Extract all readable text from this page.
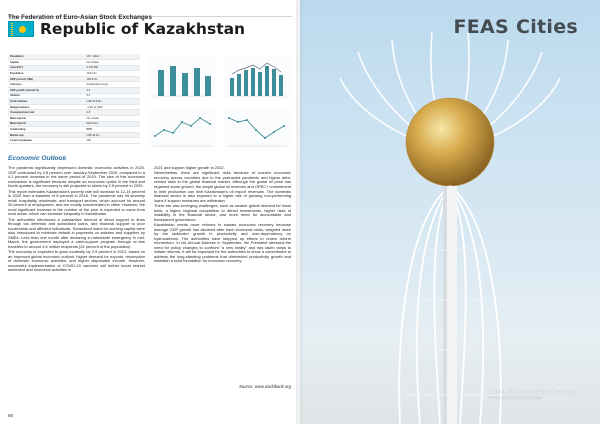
The Federation of Euro-Asian Stock Exchanges
Republic of Kazakhstan
Population	18.7 million
Capital	Nur-Sultan
Area (km²)	2,724,900
Population	18.8 mln
GDP (current US$)	169.8 bln
Currency	Kazakhstani tenge
GDP growth (annual %)	4.5
Inflation	5.4
Trade balance	US$ 25.8 bln
Budget balance	-1.9% of GDP
Unemployment rate	4.8
Main exports	Oil, metals
Main imports	Machinery
Credit rating	BBB-
Market cap	US$ 48 bln
Listed companies	120
Economic Outlook

The pandemic significantly depressed domestic economic activities in 2020. GDP contracted by 2.8 percent over January-September 2020, compared to a 4.1 percent increase in the same period of 2019. The size of this economic contraction is significant because despite an economic uptick in the third and fourth quarters, the economy is still projected to shrink by 2.5 percent in 2020.

This report estimates Kazakhstan's poverty rate will increase to 12-14 percent in 2020 from a baseline of 8 percent in 2018. The pandemic has hit severely retail, hospitality, wholesale, and transport sectors, which account for around 30 percent of employment, and are mostly concentrated in cities. However, the most significant increase in the number of the poor is expected to come from rural areas, which can increase inequality in Kazakhstan.

The authorities introduced a substantive amount of direct support to firms through tax deferrals and subsidized loans, and financial support to poor households and affected individuals. Subsidized loans for working capital were also introduced to minimize default in payments on salaries and suppliers by SMEs. Less than one month after declaring a nationwide emergency in mid-March, the government deployed a cash-support program through on-line transfers to around 4.6 million recipients (24 percent of the population).

The economy is expected to grow modestly by 2.5 percent in 2021, based on an improved global economic outlook, higher demand for exports, resumption of domestic economic activities, and higher disposable income. However, successful implementation of COVID-19 vaccines will further boost market sentiment and economic activities in

2021 and support higher growth in 2022.

Nevertheless, there are significant risks because of uneven economic recovery across countries due to the protracted pandemic and higher debt-related risks to the global financial market. Although the global oil price has regained some ground, the ample global oil reserves and OPEC+ commitment to limit production can limit Kazakhstan's oil export revenues. The domestic financial sector is also exposed to a higher risk of growing non-performing loans if support measures are withdrawn.

There are also emerging challenges, such as weaker global demand for fossil fuels, a higher regional competition to attract investments, higher risks of instability in the financial sector, and more need for accountable and transparent governance.

Kazakhstan needs more reforms to sustain economic recovery because average GDP growth has declined after each economic crisis, weighed down by the lackluster growth in productivity and over-dependency on hydrocarbons. The authorities have stepped up efforts to renew reform momentum. In his Annual Address in September, the President stressed the need for policy changes to confront "a new reality" and has taken steps to initiate reforms. It will be important for the authorities to show a commitment to address the long-standing problems that diminished productivity growth and establish a solid foundation for economic recovery.

Source: www.worldbank.org
66
FEAS Cities
Baiterek Towers, Nur-Sultan, Kazakhstan
© Photo by Travel With on Unsplash
